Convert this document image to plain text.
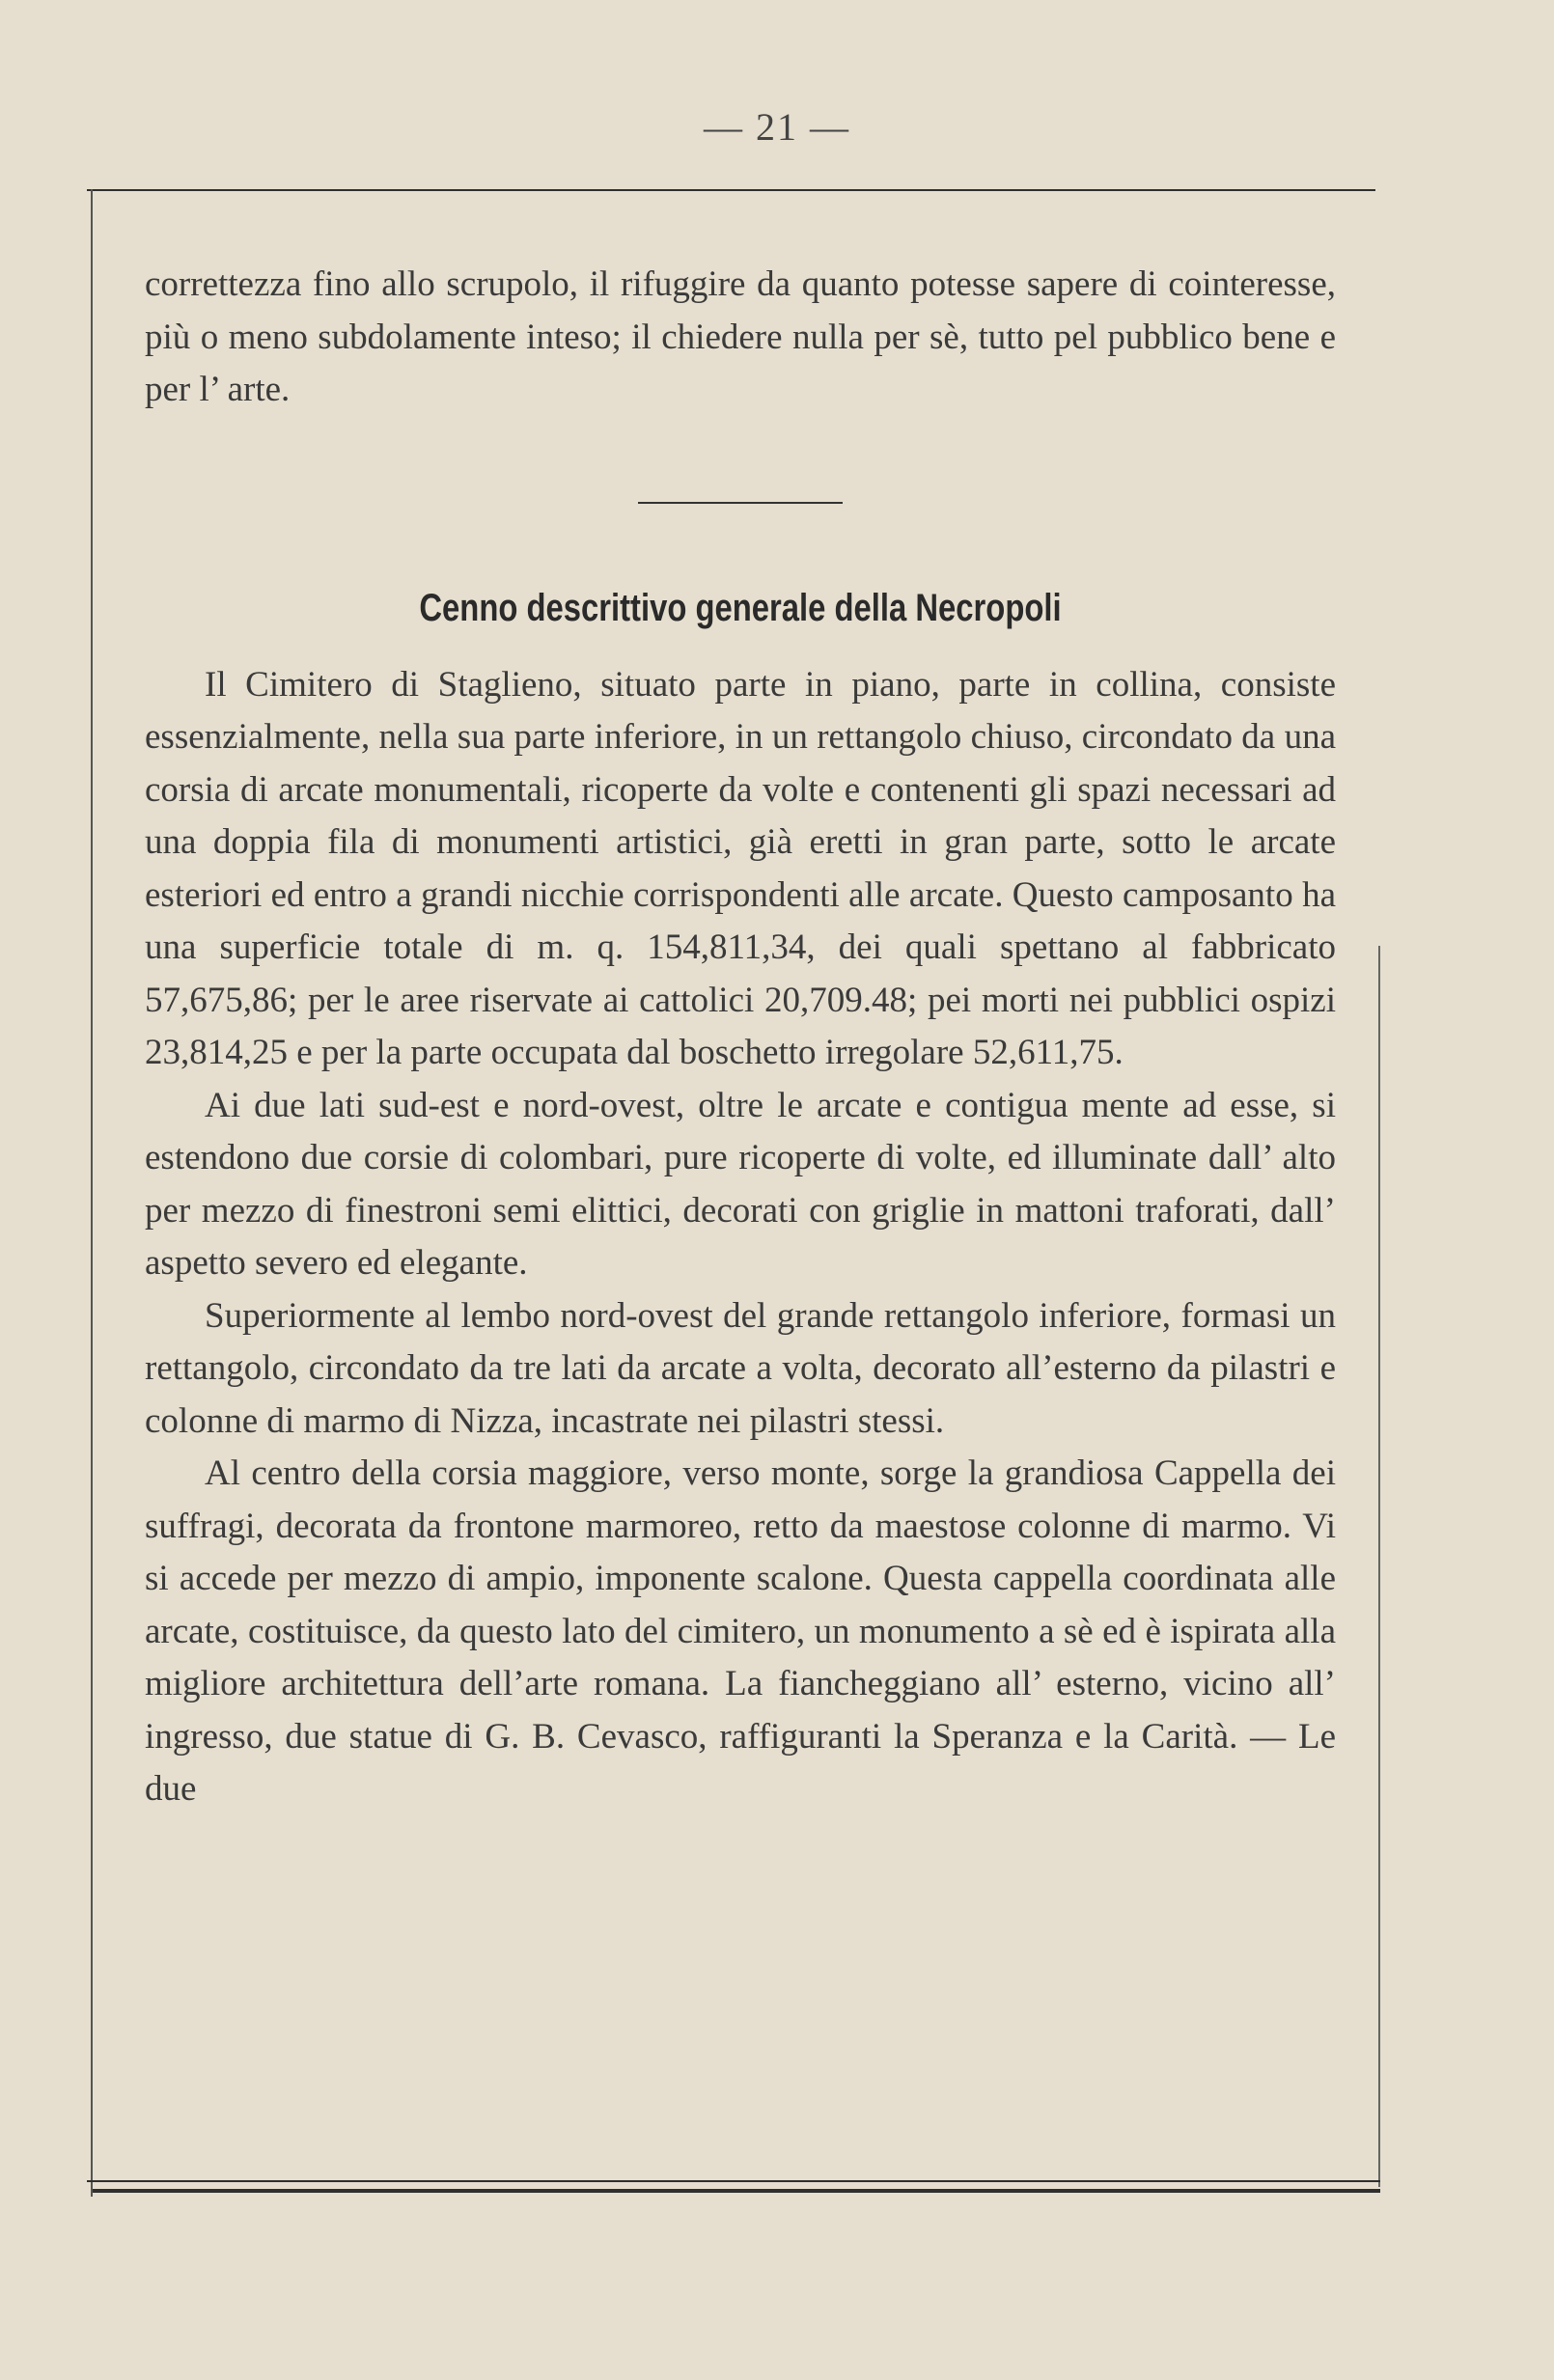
— 21 —

correttezza fino allo scrupolo, il rifuggire da quanto potesse sapere di cointeresse, più o meno subdolamente inteso; il chiedere nulla per sè, tutto pel pubblico bene e per l’ arte.

Cenno descrittivo generale della Necropoli

Il Cimitero di Staglieno, situato parte in piano, parte in collina, consiste essenzialmente, nella sua parte inferiore, in un rettangolo chiuso, circondato da una corsia di arcate monumentali, ricoperte da volte e contenenti gli spazi necessari ad una doppia fila di monumenti artistici, già eretti in gran parte, sotto le arcate esteriori ed entro a grandi nicchie corrispondenti alle arcate. Questo camposanto ha una superficie totale di m. q. 154,811,34, dei quali spettano al fabbricato 57,675,86; per le aree riservate ai cattolici 20,709.48; pei morti nei pubblici ospizi 23,814,25 e per la parte occupata dal boschetto irregolare 52,611,75.

Ai due lati sud-est e nord-ovest, oltre le arcate e contigua mente ad esse, si estendono due corsie di colombari, pure ricoperte di volte, ed illuminate dall’ alto per mezzo di finestroni semi elittici, decorati con griglie in mattoni traforati, dall’ aspetto severo ed elegante.

Superiormente al lembo nord-ovest del grande rettangolo inferiore, formasi un rettangolo, circondato da tre lati da arcate a volta, decorato all’esterno da pilastri e colonne di marmo di Nizza, incastrate nei pilastri stessi.

Al centro della corsia maggiore, verso monte, sorge la grandiosa Cappella dei suffragi, decorata da frontone marmoreo, retto da maestose colonne di marmo. Vi si accede per mezzo di ampio, imponente scalone. Questa cappella coordinata alle arcate, costituisce, da questo lato del cimitero, un monumento a sè ed è ispirata alla migliore architettura dell’arte romana. La fiancheggiano all’ esterno, vicino all’ ingresso, due statue di G. B. Cevasco, raffiguranti la Speranza e la Carità. — Le due
